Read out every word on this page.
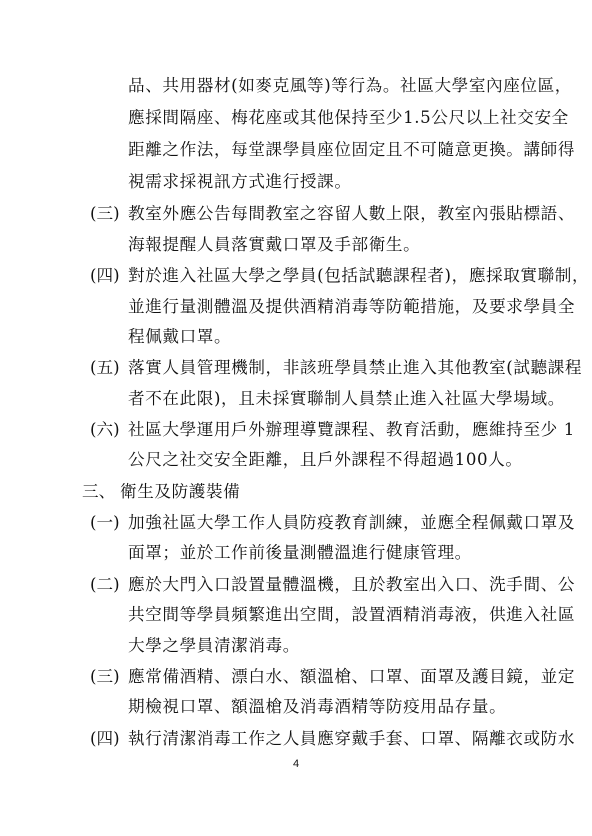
品、共用器材(如麥克風等)等行為。社區大學室內座位區，
應採間隔座、梅花座或其他保持至少1.5公尺以上社交安全
距離之作法，每堂課學員座位固定且不可隨意更換。講師得
視需求採視訊方式進行授課。
(三) 教室外應公告每間教室之容留人數上限，教室內張貼標語、
海報提醒人員落實戴口罩及手部衛生。
(四) 對於進入社區大學之學員(包括試聽課程者)，應採取實聯制，
並進行量測體溫及提供酒精消毒等防範措施，及要求學員全
程佩戴口罩。
(五) 落實人員管理機制，非該班學員禁止進入其他教室(試聽課程
者不在此限)，且未採實聯制人員禁止進入社區大學場域。
(六) 社區大學運用戶外辦理導覽課程、教育活動，應維持至少 1
公尺之社交安全距離，且戶外課程不得超過100人。
三、 衛生及防護裝備
(一) 加強社區大學工作人員防疫教育訓練，並應全程佩戴口罩及
面罩；並於工作前後量測體溫進行健康管理。
(二) 應於大門入口設置量體溫機，且於教室出入口、洗手間、公
共空間等學員頻繁進出空間，設置酒精消毒液，供進入社區
大學之學員清潔消毒。
(三) 應常備酒精、漂白水、額溫槍、口罩、面罩及護目鏡，並定
期檢視口罩、額溫槍及消毒酒精等防疫用品存量。
(四) 執行清潔消毒工作之人員應穿戴手套、口罩、隔離衣或防水
4
